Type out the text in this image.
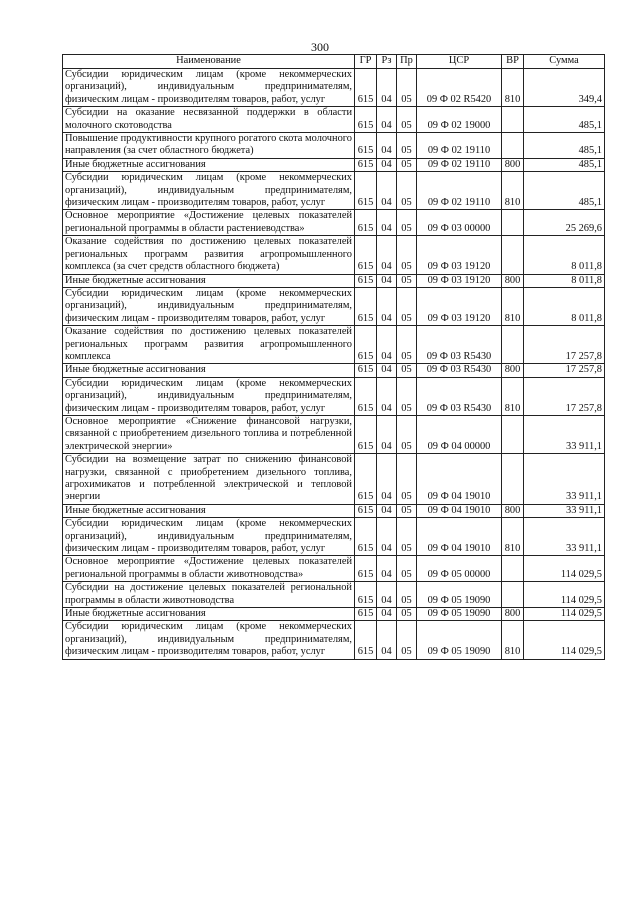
300
Наименование	ГР	Рз	Пр	ЦСР	ВР	Сумма
Субсидии юридическим лицам (кроме некоммерческих организаций), индивидуальным предпринимателям, физическим лицам - производителям товаров, работ, услуг	615	04	05	09 Ф 02 R5420	810	349,4
Субсидии на оказание несвязанной поддержки в области молочного скотоводства	615	04	05	09 Ф 02 19000		485,1
Повышение продуктивности крупного рогатого скота молочного направления (за счет областного бюджета)	615	04	05	09 Ф 02 19110		485,1
Иные бюджетные ассигнования	615	04	05	09 Ф 02 19110	800	485,1
Субсидии юридическим лицам (кроме некоммерческих организаций), индивидуальным предпринимателям, физическим лицам - производителям товаров, работ, услуг	615	04	05	09 Ф 02 19110	810	485,1
Основное мероприятие «Достижение целевых показателей региональной программы в области растениеводства»	615	04	05	09 Ф 03 00000		25 269,6
Оказание содействия по достижению целевых показателей региональных программ развития агропромышленного комплекса (за счет средств областного бюджета)	615	04	05	09 Ф 03 19120		8 011,8
Иные бюджетные ассигнования	615	04	05	09 Ф 03 19120	800	8 011,8
Субсидии юридическим лицам (кроме некоммерческих организаций), индивидуальным предпринимателям, физическим лицам - производителям товаров, работ, услуг	615	04	05	09 Ф 03 19120	810	8 011,8
Оказание содействия по достижению целевых показателей региональных программ развития агропромышленного комплекса	615	04	05	09 Ф 03 R5430		17 257,8
Иные бюджетные ассигнования	615	04	05	09 Ф 03 R5430	800	17 257,8
Субсидии юридическим лицам (кроме некоммерческих организаций), индивидуальным предпринимателям, физическим лицам - производителям товаров, работ, услуг	615	04	05	09 Ф 03 R5430	810	17 257,8
Основное мероприятие «Снижение финансовой нагрузки, связанной с приобретением дизельного топлива и потребленной электрической энергии»	615	04	05	09 Ф 04 00000		33 911,1
Субсидии на возмещение затрат по снижению финансовой нагрузки, связанной с приобретением дизельного топлива, агрохимикатов и потребленной электрической и тепловой энергии	615	04	05	09 Ф 04 19010		33 911,1
Иные бюджетные ассигнования	615	04	05	09 Ф 04 19010	800	33 911,1
Субсидии юридическим лицам (кроме некоммерческих организаций), индивидуальным предпринимателям, физическим лицам - производителям товаров, работ, услуг	615	04	05	09 Ф 04 19010	810	33 911,1
Основное мероприятие «Достижение целевых показателей региональной программы в области животноводства»	615	04	05	09 Ф 05 00000		114 029,5
Субсидии на достижение целевых показателей региональной программы в области животноводства	615	04	05	09 Ф 05 19090		114 029,5
Иные бюджетные ассигнования	615	04	05	09 Ф 05 19090	800	114 029,5
Субсидии юридическим лицам (кроме некоммерческих организаций), индивидуальным предпринимателям, физическим лицам - производителям товаров, работ, услуг	615	04	05	09 Ф 05 19090	810	114 029,5
